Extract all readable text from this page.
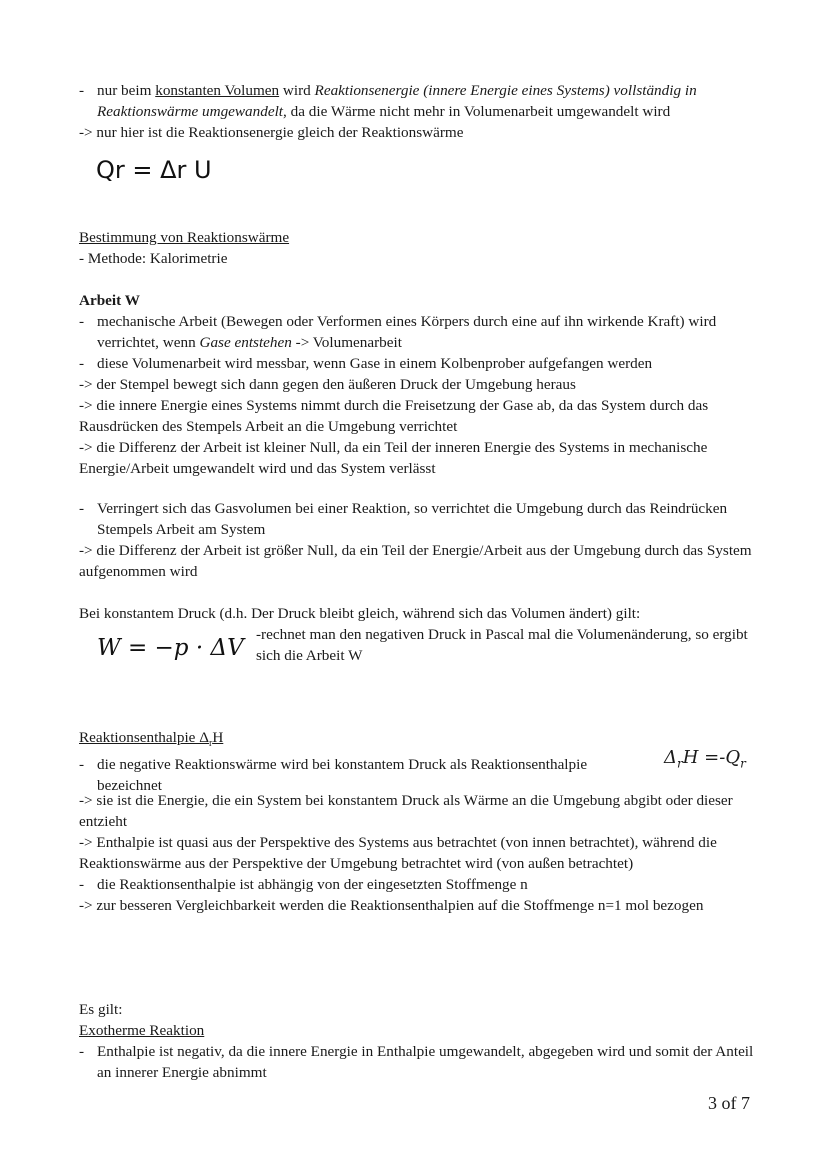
- nur beim konstanten Volumen wird Reaktionsenergie (innere Energie eines Systems) vollständig in Reaktionswärme umgewandelt, da die Wärme nicht mehr in Volumenarbeit umgewandelt wird
-> nur hier ist die Reaktionsenergie gleich der Reaktionswärme
Qr = Δr U
Bestimmung von Reaktionswärme
- Methode: Kalorimetrie
Arbeit W
- mechanische Arbeit (Bewegen oder Verformen eines Körpers durch eine auf ihn wirkende Kraft) wird verrichtet, wenn Gase entstehen -> Volumenarbeit
- diese Volumenarbeit wird messbar, wenn Gase in einem Kolbenprober aufgefangen werden
-> der Stempel bewegt sich dann gegen den äußeren Druck der Umgebung heraus
-> die innere Energie eines Systems nimmt durch die Freisetzung der Gase ab, da das System durch das Rausdrücken des Stempels Arbeit an die Umgebung verrichtet
-> die Differenz der Arbeit ist kleiner Null, da ein Teil der inneren Energie des Systems in mechanische Energie/Arbeit umgewandelt wird und das System verlässt
- Verringert sich das Gasvolumen bei einer Reaktion, so verrichtet die Umgebung durch das Reindrücken Stempels Arbeit am System
-> die Differenz der Arbeit ist größer Null, da ein Teil der Energie/Arbeit aus der Umgebung durch das System aufgenommen wird
Bei konstantem Druck (d.h. Der Druck bleibt gleich, während sich das Volumen ändert) gilt:
W = −p · ΔV
-rechnet man den negativen Druck in Pascal mal die Volumenänderung, so ergibt sich die Arbeit W
Reaktionsenthalpie $\Delta_rH$
- die negative Reaktionswärme wird bei konstantem Druck als Reaktionsenthalpie bezeichnet
$\Delta_rH =-Q_r$
-> sie ist die Energie, die ein System bei konstantem Druck als Wärme an die Umgebung abgibt oder dieser entzieht
-> Enthalpie ist quasi aus der Perspektive des Systems aus betrachtet (von innen betrachtet), während die Reaktionswärme aus der Perspektive der Umgebung betrachtet wird (von außen betrachtet)
- die Reaktionsenthalpie ist abhängig von der eingesetzten Stoffmenge n
-> zur besseren Vergleichbarkeit werden die Reaktionsenthalpien auf die Stoffmenge n=1 mol bezogen
Es gilt:
Exotherme Reaktion
- Enthalpie ist negativ, da die innere Energie in Enthalpie umgewandelt, abgegeben wird und somit der Anteil an innerer Energie abnimmt
3 of 7
